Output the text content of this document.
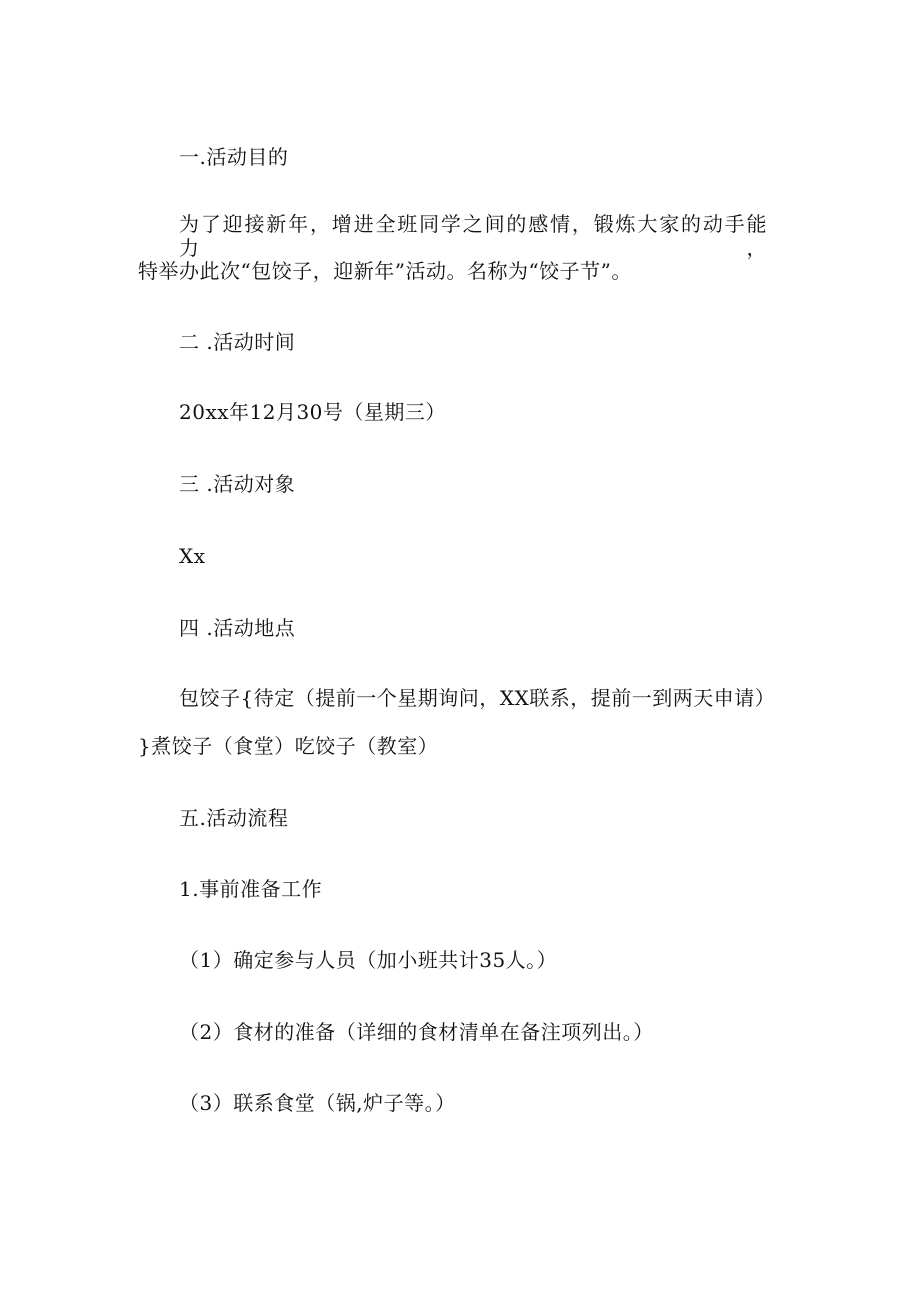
一.活动目的
为了迎接新年，增进全班同学之间的感情，锻炼大家的动手能力，
特举办此次“包饺子，迎新年”活动。名称为“饺子节”。
二 .活动时间
20xx年12月30号（星期三）
三 .活动对象
Xx
四 .活动地点
包饺子{待定（提前一个星期询问，XX联系，提前一到两天申请）
}煮饺子（食堂）吃饺子（教室）
五.活动流程
1.事前准备工作
（1）确定参与人员（加小班共计35人。）
（2）食材的准备（详细的食材清单在备注项列出。）
（3）联系食堂（锅,炉子等。）
